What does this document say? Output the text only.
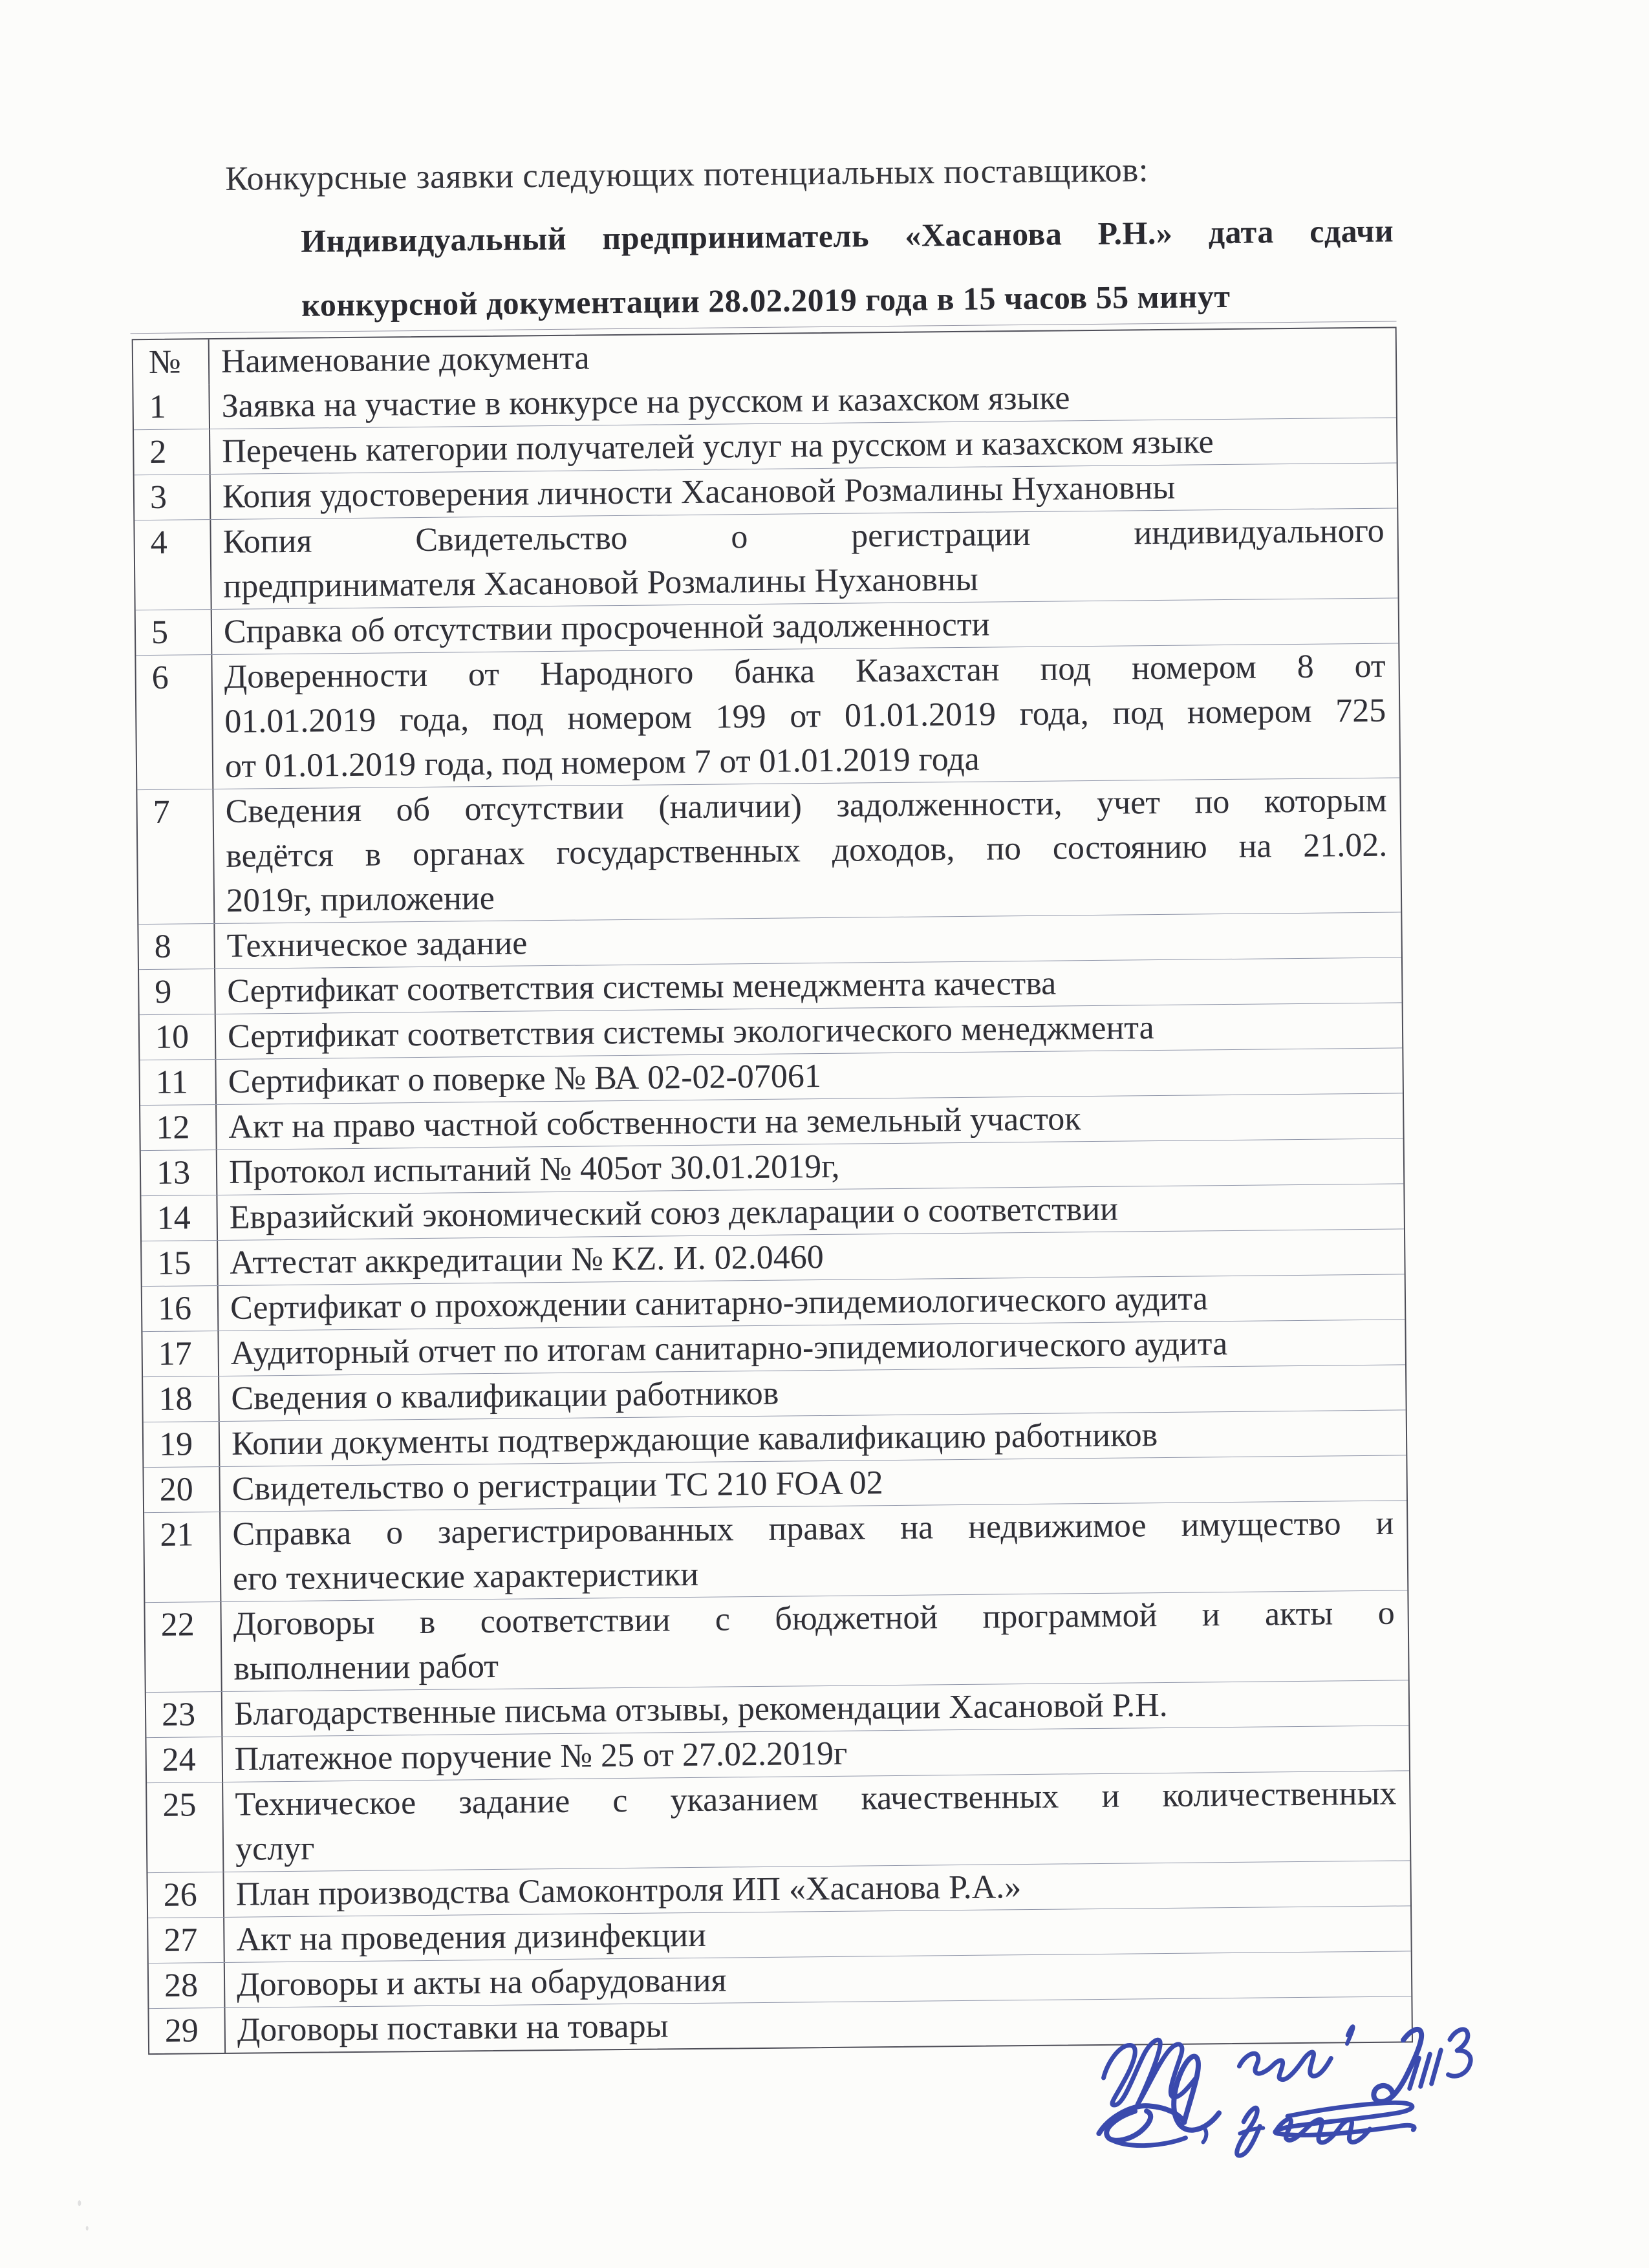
Конкурсные заявки следующих потенциальных поставщиков:

Индивидуальный предприниматель «Хасанова Р.Н.» дата сдачи
конкурсной документации 28.02.2019 года в 15 часов 55 минут
№	Наименование документа
1	Заявка на участие в конкурсе на русском и казахском языке
2	Перечень категории получателей услуг на русском и казахском языке
3	Копия удостоверения личности Хасановой Розмалины Нухановны
4	Копия Свидетельство о регистрации индивидуального
предпринимателя Хасановой Розмалины Нухановны
5	Справка об отсутствии просроченной задолженности
6	Доверенности от Народного банка Казахстан под номером 8 от
01.01.2019 года, под номером 199 от 01.01.2019 года, под номером 725
от 01.01.2019 года, под номером 7 от 01.01.2019 года
7	Сведения об отсутствии (наличии) задолженности, учет по которым
ведётся в органах государственных доходов, по состоянию на 21.02.
2019г, приложение
8	Техническое задание
9	Сертификат соответствия системы менеджмента качества
10	Сертификат соответствия системы экологического менеджмента
11	Сертификат о поверке № ВА 02-02-07061
12	Акт на право частной собственности на земельный участок
13	Протокол испытаний № 405от 30.01.2019г,
14	Евразийский экономический союз декларации о соответствии
15	Аттестат аккредитации № KZ. И. 02.0460
16	Сертификат о прохождении санитарно-эпидемиологического аудита
17	Аудиторный отчет по итогам санитарно-эпидемиологического аудита
18	Сведения о квалификации работников
19	Копии документы подтверждающие кавалификацию работников
20	Свидетельство о регистрации ТС 210 FOA 02
21	Справка о зарегистрированных правах на недвижимое имущество и
его технические характеристики
22	Договоры в соответствии с бюджетной программой и акты о
выполнении работ
23	Благодарственные письма отзывы, рекомендации Хасановой Р.Н.
24	Платежное поручение № 25 от 27.02.2019г
25	Техническое задание с указанием качественных и количественных
услуг
26	План производства Самоконтроля ИП «Хасанова Р.А.»
27	Акт на проведения дизинфекции
28	Договоры и акты на обарудования
29	Договоры поставки на товары
